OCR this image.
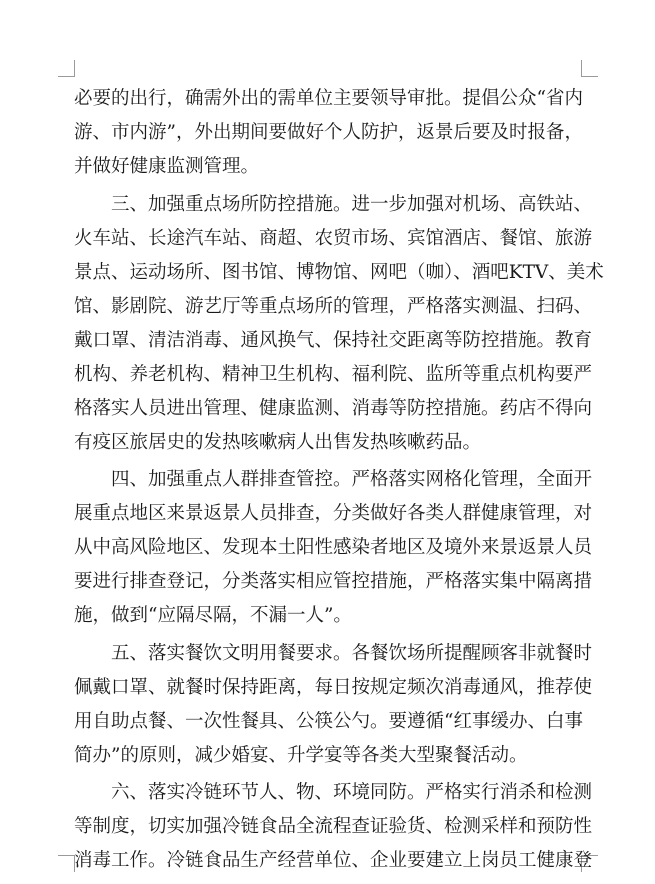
必要的出行，确需外出的需单位主要领导审批。提倡公众“省内
游、市内游”，外出期间要做好个人防护，返景后要及时报备，
并做好健康监测管理。
三、加强重点场所防控措施。进一步加强对机场、高铁站、
火车站、长途汽车站、商超、农贸市场、宾馆酒店、餐馆、旅游
景点、运动场所、图书馆、博物馆、网吧（咖）、酒吧KTV、美术
馆、影剧院、游艺厅等重点场所的管理，严格落实测温、扫码、
戴口罩、清洁消毒、通风换气、保持社交距离等防控措施。教育
机构、养老机构、精神卫生机构、福利院、监所等重点机构要严
格落实人员进出管理、健康监测、消毒等防控措施。药店不得向
有疫区旅居史的发热咳嗽病人出售发热咳嗽药品。
四、加强重点人群排查管控。严格落实网格化管理，全面开
展重点地区来景返景人员排查，分类做好各类人群健康管理，对
从中高风险地区、发现本土阳性感染者地区及境外来景返景人员
要进行排查登记，分类落实相应管控措施，严格落实集中隔离措
施，做到“应隔尽隔，不漏一人”。
五、落实餐饮文明用餐要求。各餐饮场所提醒顾客非就餐时
佩戴口罩、就餐时保持距离，每日按规定频次消毒通风，推荐使
用自助点餐、一次性餐具、公筷公勺。要遵循“红事缓办、白事
简办”的原则，减少婚宴、升学宴等各类大型聚餐活动。
六、落实冷链环节人、物、环境同防。严格实行消杀和检测
等制度，切实加强冷链食品全流程查证验货、检测采样和预防性
消毒工作。冷链食品生产经营单位、企业要建立上岗员工健康登
